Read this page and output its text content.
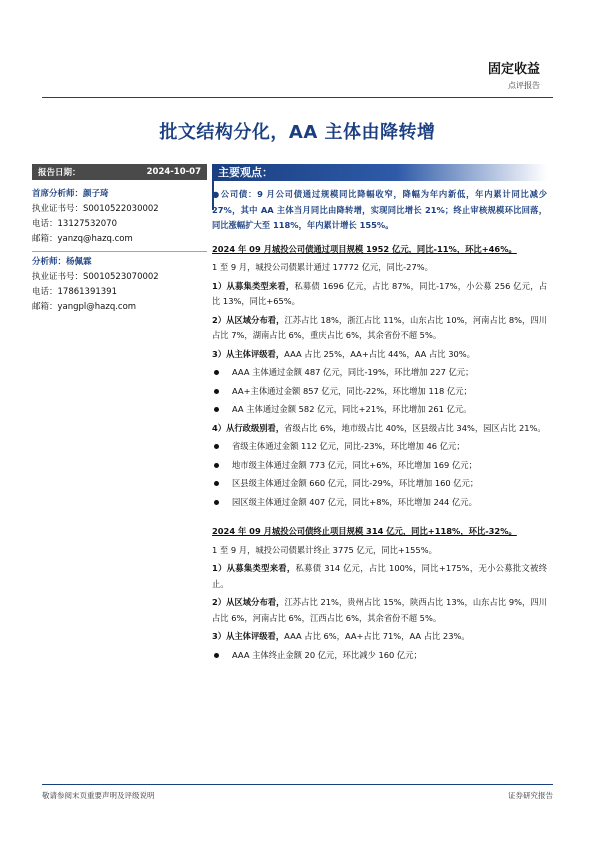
固定收益
点评报告
批文结构分化，AA 主体由降转增
报告日期：	2024-10-07
首席分析师：颜子琦
执业证书号：S0010522030002
电话：13127532070
邮箱：yanzq@hazq.com
分析师：杨佩霖
执业证书号：S0010523070002
电话：17861391391
邮箱：yangpl@hazq.com
主要观点：
●公司债：9 月公司债通过规模同比降幅收窄，降幅为年内新低，年内累计同比减少 27%，其中 AA 主体当月同比由降转增，实现同比增长 21%；终止审核规模环比回落，同比涨幅扩大至 118%，年内累计增长 155%。
2024 年 09 月城投公司债通过项目规模 1952 亿元，同比-11%，环比+46%。
1 至 9 月，城投公司债累计通过 17772 亿元，同比-27%。
1）从募集类型来看，私募债 1696 亿元，占比 87%，同比-17%，小公募 256 亿元，占比 13%，同比+65%。
2）从区域分布看，江苏占比 18%，浙江占比 11%，山东占比 10%，河南占比 8%，四川占比 7%，湖南占比 6%，重庆占比 6%，其余省份不超 5%。
3）从主体评级看，AAA 占比 25%，AA+占比 44%，AA 占比 30%。
AAA 主体通过金额 487 亿元，同比-19%，环比增加 227 亿元；
AA+主体通过金额 857 亿元，同比-22%，环比增加 118 亿元；
AA 主体通过金额 582 亿元，同比+21%，环比增加 261 亿元。
4）从行政级别看，省级占比 6%，地市级占比 40%，区县级占比 34%，园区占比 21%。
省级主体通过金额 112 亿元，同比-23%，环比增加 46 亿元；
地市级主体通过金额 773 亿元，同比+6%，环比增加 169 亿元；
区县级主体通过金额 660 亿元，同比-29%，环比增加 160 亿元；
园区级主体通过金额 407 亿元，同比+8%，环比增加 244 亿元。
2024 年 09 月城投公司债终止项目规模 314 亿元，同比+118%，环比-32%。
1 至 9 月，城投公司债累计终止 3775 亿元，同比+155%。
1）从募集类型来看，私募债 314 亿元，占比 100%，同比+175%，无小公募批文被终止。
2）从区域分布看，江苏占比 21%，贵州占比 15%，陕西占比 13%，山东占比 9%，四川占比 6%，河南占比 6%，江西占比 6%，其余省份不超 5%。
3）从主体评级看，AAA 占比 6%，AA+占比 71%，AA 占比 23%。
AAA 主体终止金额 20 亿元，环比减少 160 亿元；
敬请参阅末页重要声明及评级说明	证券研究报告
